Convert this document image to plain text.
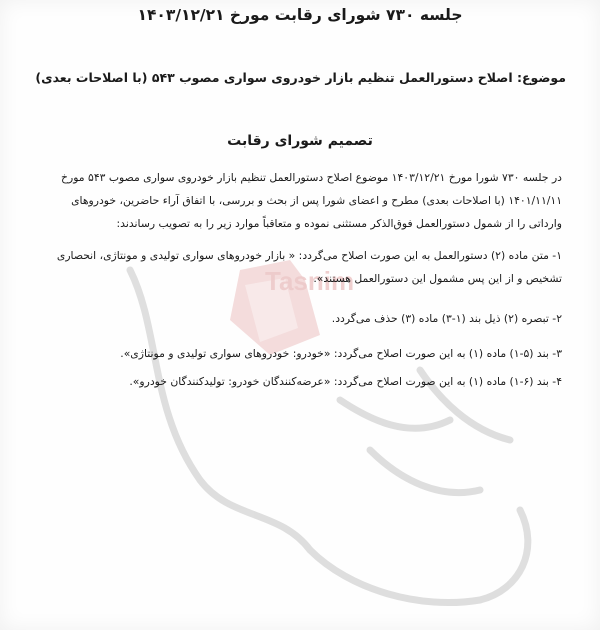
Tasnim
جلسه ۷۳۰ شورای رقابت مورخ ۱۴۰۳/۱۲/۲۱
موضوع: اصلاح دستورالعمل تنظیم بازار خودروی سواری مصوب ۵۴۳ (با اصلاحات بعدی)
تصمیم شورای رقابت
در جلسه ۷۳۰ شورا مورخ ۱۴۰۳/۱۲/۲۱ موضوع اصلاح دستورالعمل تنظیم بازار خودروی سواری مصوب ۵۴۳ مورخ
۱۴۰۱/۱۱/۱۱ (با اصلاحات بعدی) مطرح و اعضای شورا پس از بحث و بررسی، با اتفاق آراء حاضرین، خودروهای
وارداتی را از شمول دستورالعمل فوق‌الذکر مستثنی نموده و متعاقباً موارد زیر را به تصویب رساندند:
۱- متن ماده (۲) دستورالعمل به این صورت اصلاح می‌گردد: « بازار خودروهای سواری تولیدی و مونتاژی، انحصاری
تشخیص و از این پس مشمول این دستورالعمل هستند».
۲- تبصره (۲) ذیل بند (۱-۳) ماده (۳) حذف می‌گردد.
۳- بند (۵-۱) ماده (۱) به این صورت اصلاح می‌گردد: «خودرو: خودروهای سواری تولیدی و مونتاژی».
۴- بند (۶-۱) ماده (۱) به این صورت اصلاح می‌گردد: «عرضه‌کنندگان خودرو: تولیدکنندگان خودرو».
